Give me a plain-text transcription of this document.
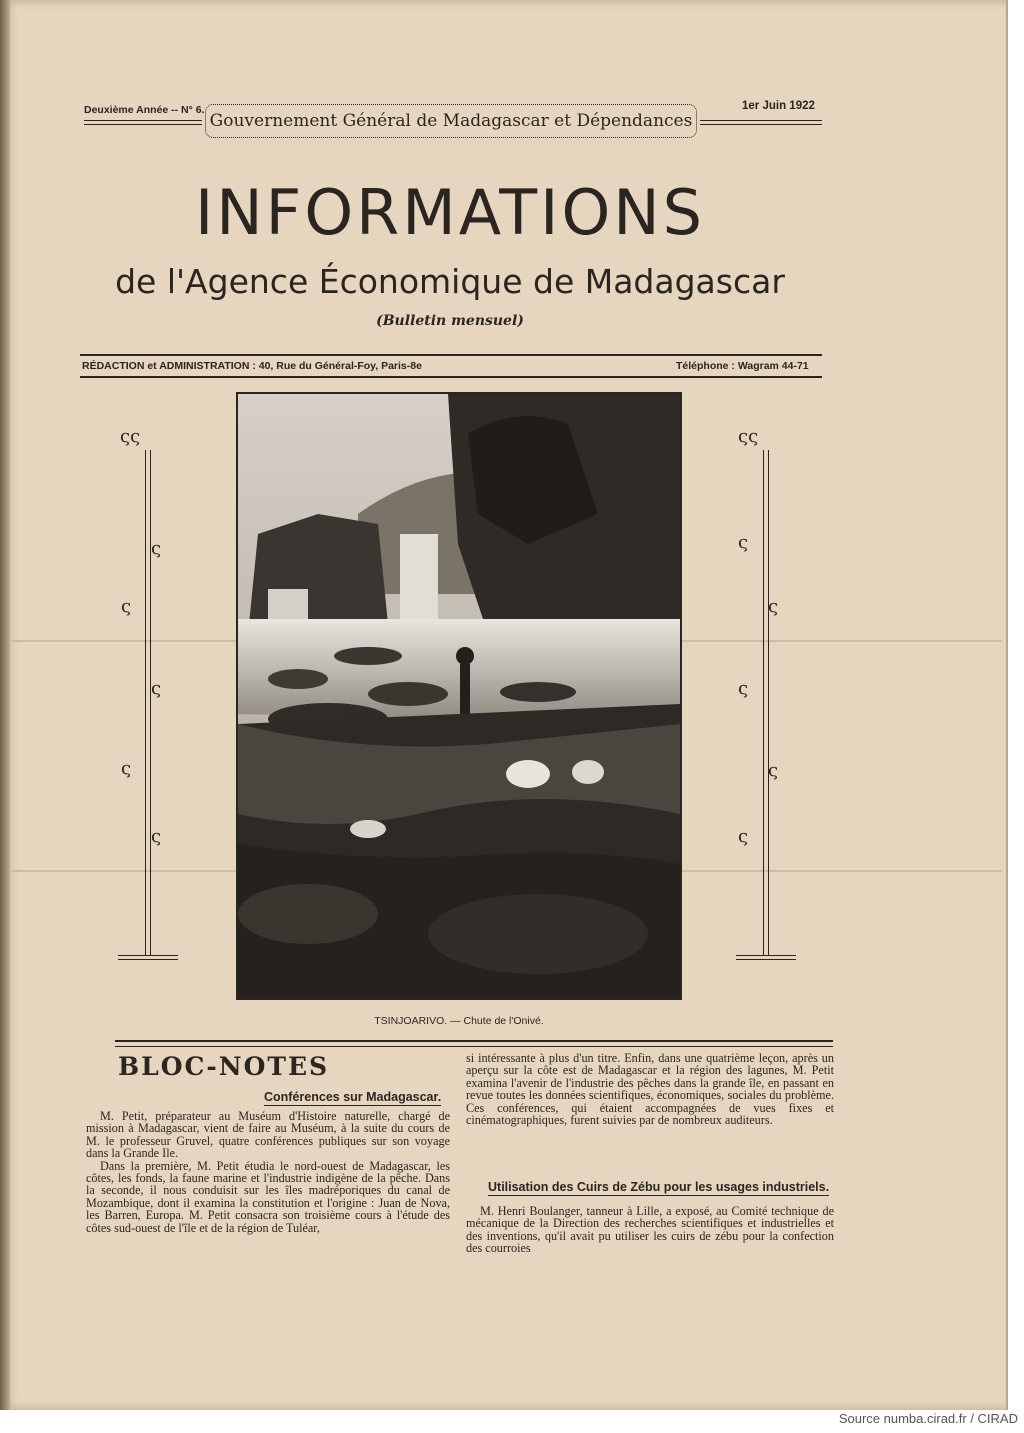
Deuxième Année -- N° 6.
Gouvernement Général de Madagascar et Dépendances
1er Juin 1922
INFORMATIONS
de l'Agence Économique de Madagascar
(Bulletin mensuel)
RÉDACTION et ADMINISTRATION : 40, Rue du Général-Foy, Paris-8e	Téléphone : Wagram 44-71
ςς
ς
ς
ς
ς
ς
ςς
ς
ς
ς
ς
ς
TSINJOARIVO. — Chute de l'Onivé.
BLOC-NOTES
Conférences sur Madagascar.

M. Petit, préparateur au Muséum d'Histoire naturelle, chargé de mission à Madagascar, vient de faire au Muséum, à la suite du cours de M. le professeur Gruvel, quatre conférences publiques sur son voyage dans la Grande Ile.

Dans la première, M. Petit étudia le nord-ouest de Madagascar, les côtes, les fonds, la faune marine et l'industrie indigène de la pêche. Dans la seconde, il nous conduisit sur les îles madréporiques du canal de Mozambique, dont il examina la constitution et l'origine : Juan de Nova, les Barren, Europa. M. Petit consacra son troisième cours à l'étude des côtes sud-ouest de l'île et de la région de Tuléar,

si intéressante à plus d'un titre. Enfin, dans une quatrième leçon, après un aperçu sur la côte est de Madagascar et la région des lagunes, M. Petit examina l'avenir de l'industrie des pêches dans la grande île, en passant en revue toutes les données scientifiques, économiques, sociales du problème. Ces conférences, qui étaient accompagnées de vues fixes et cinématographiques, furent suivies par de nombreux auditeurs.

Utilisation des Cuirs de Zébu pour les usages industriels.

M. Henri Boulanger, tanneur à Lille, a exposé, au Comité technique de mécanique de la Direction des recherches scientifiques et industrielles et des inventions, qu'il avait pu utiliser les cuirs de zébu pour la confection des courroies

Source numba.cirad.fr / CIRAD
